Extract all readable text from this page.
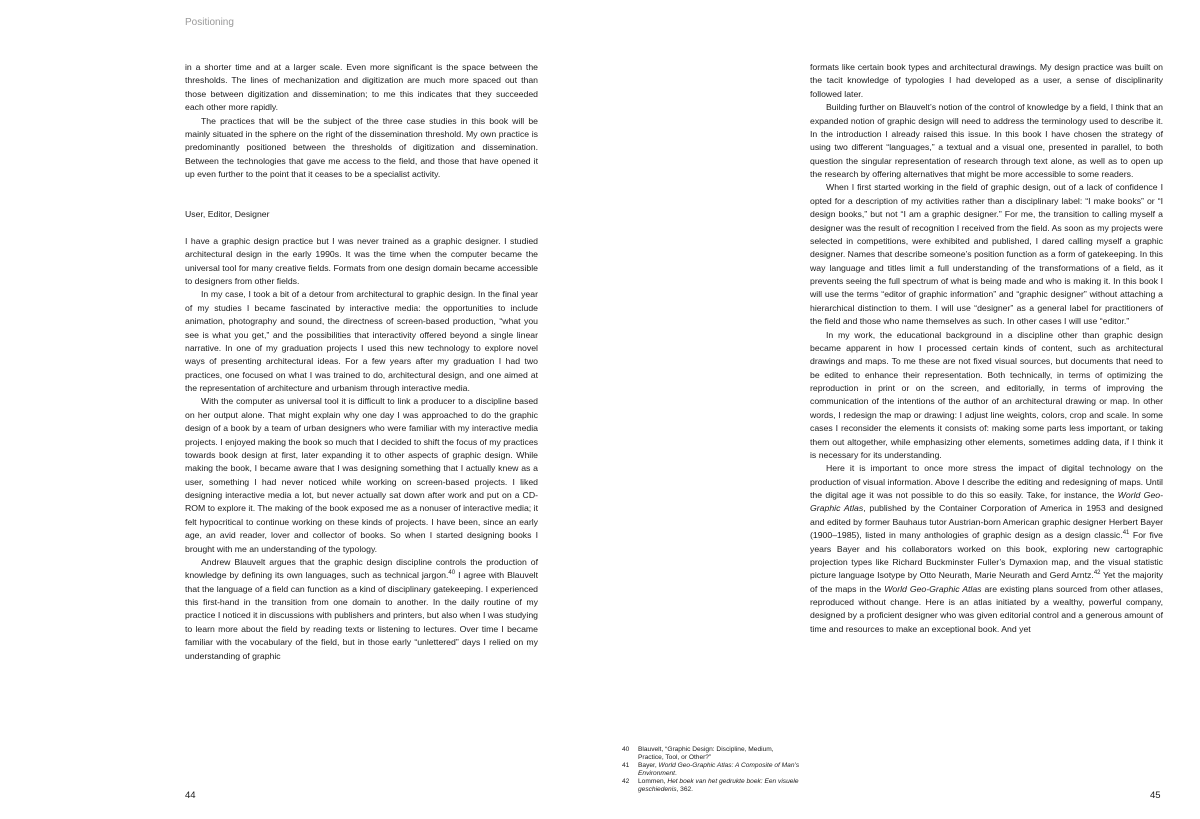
Positioning

in a shorter time and at a larger scale. Even more significant is the space between the thresholds. The lines of mechanization and digitization are much more spaced out than those between digitization and dissemination; to me this indicates that they succeeded each other more rapidly.

The practices that will be the subject of the three case studies in this book will be mainly situated in the sphere on the right of the dissemination threshold. My own practice is predominantly positioned between the thresholds of digitization and dissemination. Between the technologies that gave me access to the field, and those that have opened it up even further to the point that it ceases to be a specialist activity.

User, Editor, Designer

I have a graphic design practice but I was never trained as a graphic designer. I studied architectural design in the early 1990s. It was the time when the computer became the universal tool for many creative fields. Formats from one design domain became accessible to designers from other fields.

In my case, I took a bit of a detour from architectural to graphic design. In the final year of my studies I became fascinated by interactive media: the opportunities to include animation, photography and sound, the directness of screen-based production, “what you see is what you get,” and the possibilities that interactivity offered beyond a single linear narrative. In one of my graduation projects I used this new technology to explore novel ways of presenting architectural ideas. For a few years after my graduation I had two practices, one focused on what I was trained to do, architectural design, and one aimed at the representation of architecture and urbanism through interactive media.

With the computer as universal tool it is difficult to link a producer to a discipline based on her output alone. That might explain why one day I was approached to do the graphic design of a book by a team of urban designers who were familiar with my interactive media projects. I enjoyed making the book so much that I decided to shift the focus of my practices towards book design at first, later expanding it to other aspects of graphic design. While making the book, I became aware that I was designing something that I actually knew as a user, something I had never noticed while working on screen-based projects. I liked designing interactive media a lot, but never actually sat down after work and put on a CD-ROM to explore it. The making of the book exposed me as a nonuser of interactive media; it felt hypocritical to continue working on these kinds of projects. I have been, since an early age, an avid reader, lover and collector of books. So when I started designing books I brought with me an understanding of the typology.

Andrew Blauvelt argues that the graphic design discipline controls the production of knowledge by defining its own languages, such as technical jargon.$^{40}$ I agree with Blauvelt that the language of a field can function as a kind of disciplinary gatekeeping. I experienced this first-hand in the transition from one domain to another. In the daily routine of my practice I noticed it in discussions with publishers and printers, but also when I was studying to learn more about the field by reading texts or listening to lectures. Over time I became familiar with the vocabulary of the field, but in those early “unlettered” days I relied on my understanding of graphic

formats like certain book types and architectural drawings. My design practice was built on the tacit knowledge of typologies I had developed as a user, a sense of disciplinarity followed later.

Building further on Blauvelt’s notion of the control of knowledge by a field, I think that an expanded notion of graphic design will need to address the terminology used to describe it. In the introduction I already raised this issue. In this book I have chosen the strategy of using two different “languages,” a textual and a visual one, presented in parallel, to both question the singular representation of research through text alone, as well as to open up the research by offering alternatives that might be more accessible to some readers.

When I first started working in the field of graphic design, out of a lack of confidence I opted for a description of my activities rather than a disciplinary label: “I make books” or “I design books,” but not “I am a graphic designer.” For me, the transition to calling myself a designer was the result of recognition I received from the field. As soon as my projects were selected in competitions, were exhibited and published, I dared calling myself a graphic designer. Names that describe someone’s position function as a form of gatekeeping. In this way language and titles limit a full understanding of the transformations of a field, as it prevents seeing the full spectrum of what is being made and who is making it. In this book I will use the terms “editor of graphic information” and “graphic designer” without attaching a hierarchical distinction to them. I will use “designer” as a general label for practitioners of the field and those who name themselves as such. In other cases I will use “editor.”

In my work, the educational background in a discipline other than graphic design became apparent in how I processed certain kinds of content, such as architectural drawings and maps. To me these are not fixed visual sources, but documents that need to be edited to enhance their representation. Both technically, in terms of optimizing the reproduction in print or on the screen, and editorially, in terms of improving the communication of the intentions of the author of an architectural drawing or map. In other words, I redesign the map or drawing: I adjust line weights, colors, crop and scale. In some cases I reconsider the elements it consists of: making some parts less important, or taking them out altogether, while emphasizing other elements, sometimes adding data, if I think it is necessary for its understanding.

Here it is important to once more stress the impact of digital technology on the production of visual information. Above I describe the editing and redesigning of maps. Until the digital age it was not possible to do this so easily. Take, for instance, the World Geo-Graphic Atlas, published by the Container Corporation of America in 1953 and designed and edited by former Bauhaus tutor Austrian-born American graphic designer Herbert Bayer (1900–1985), listed in many anthologies of graphic design as a design classic.$^{41}$ For five years Bayer and his collaborators worked on this book, exploring new cartographic projection types like Richard Buckminster Fuller’s Dymaxion map, and the visual statistic picture language Isotype by Otto Neurath, Marie Neurath and Gerd Arntz.$^{42}$ Yet the majority of the maps in the World Geo-Graphic Atlas are existing plans sourced from other atlases, reproduced without change. Here is an atlas initiated by a wealthy, powerful company, designed by a proficient designer who was given editorial control and a generous amount of time and resources to make an exceptional book. And yet

40	Blauvelt, “Graphic Design: Discipline, Medium, Practice, Tool, or Other?”
41	Bayer, World Geo-Graphic Atlas: A Composite of Man’s Environment.
42	Lommen, Het boek van het gedrukte boek: Een visuele geschiedenis, 362.
44	45
